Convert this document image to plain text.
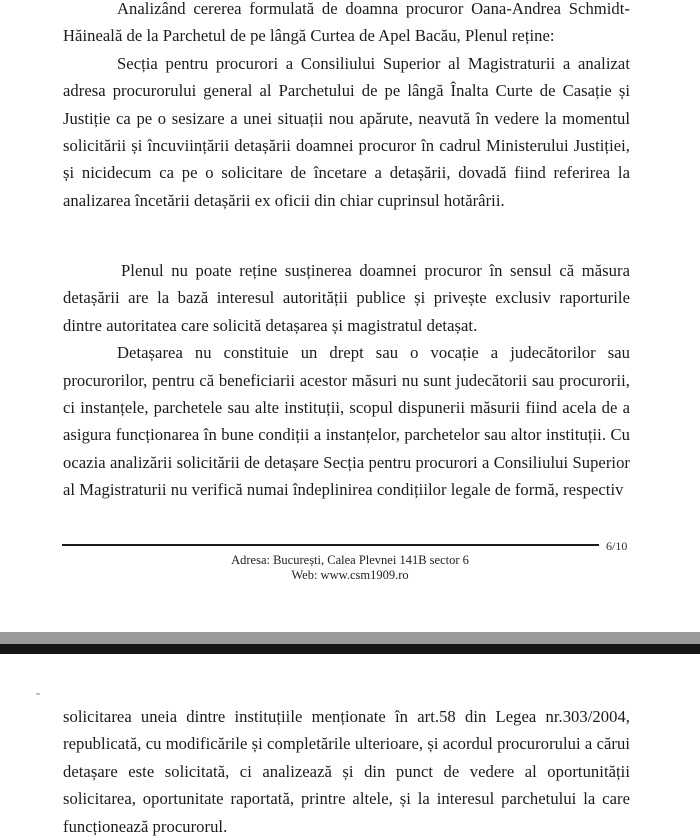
Analizând cererea formulată de doamna procuror Oana-Andrea Schmidt-Hăineală de la Parchetul de pe lângă Curtea de Apel Bacău, Plenul reține:

Secția pentru procurori a Consiliului Superior al Magistraturii a analizat adresa procurorului general al Parchetului de pe lângă Înalta Curte de Casație și Justiție ca pe o sesizare a unei situații nou apărute, neavută în vedere la momentul solicitării și încuviințării detașării doamnei procuror în cadrul Ministerului Justiției, și nicidecum ca pe o solicitare de încetare a detașării, dovadă fiind referirea la analizarea încetării detașării ex oficii din chiar cuprinsul hotărârii.

Plenul nu poate reține susținerea doamnei procuror în sensul că măsura detașării are la bază interesul autorității publice și privește exclusiv raporturile dintre autoritatea care solicită detașarea și magistratul detașat.

Detașarea nu constituie un drept sau o vocație a judecătorilor sau procurorilor, pentru că beneficiarii acestor măsuri nu sunt judecătorii sau procurorii, ci instanțele, parchetele sau alte instituții, scopul dispunerii măsurii fiind acela de a asigura funcționarea în bune condiții a instanțelor, parchetelor sau altor instituții. Cu ocazia analizării solicitării de detașare Secția pentru procurori a Consiliului Superior al Magistraturii nu verifică numai îndeplinirea condițiilor legale de formă, respectiv

6/10
Adresa: București, Calea Plevnei 141B sector 6
Web: www.csm1909.ro

solicitarea uneia dintre instituțiile menționate în art.58 din Legea nr.303/2004, republicată, cu modificările și completările ulterioare, și acordul procurorului a cărui detașare este solicitată, ci analizează și din punct de vedere al oportunității solicitarea, oportunitate raportată, printre altele, și la interesul parchetului la care funcționează procurorul.
